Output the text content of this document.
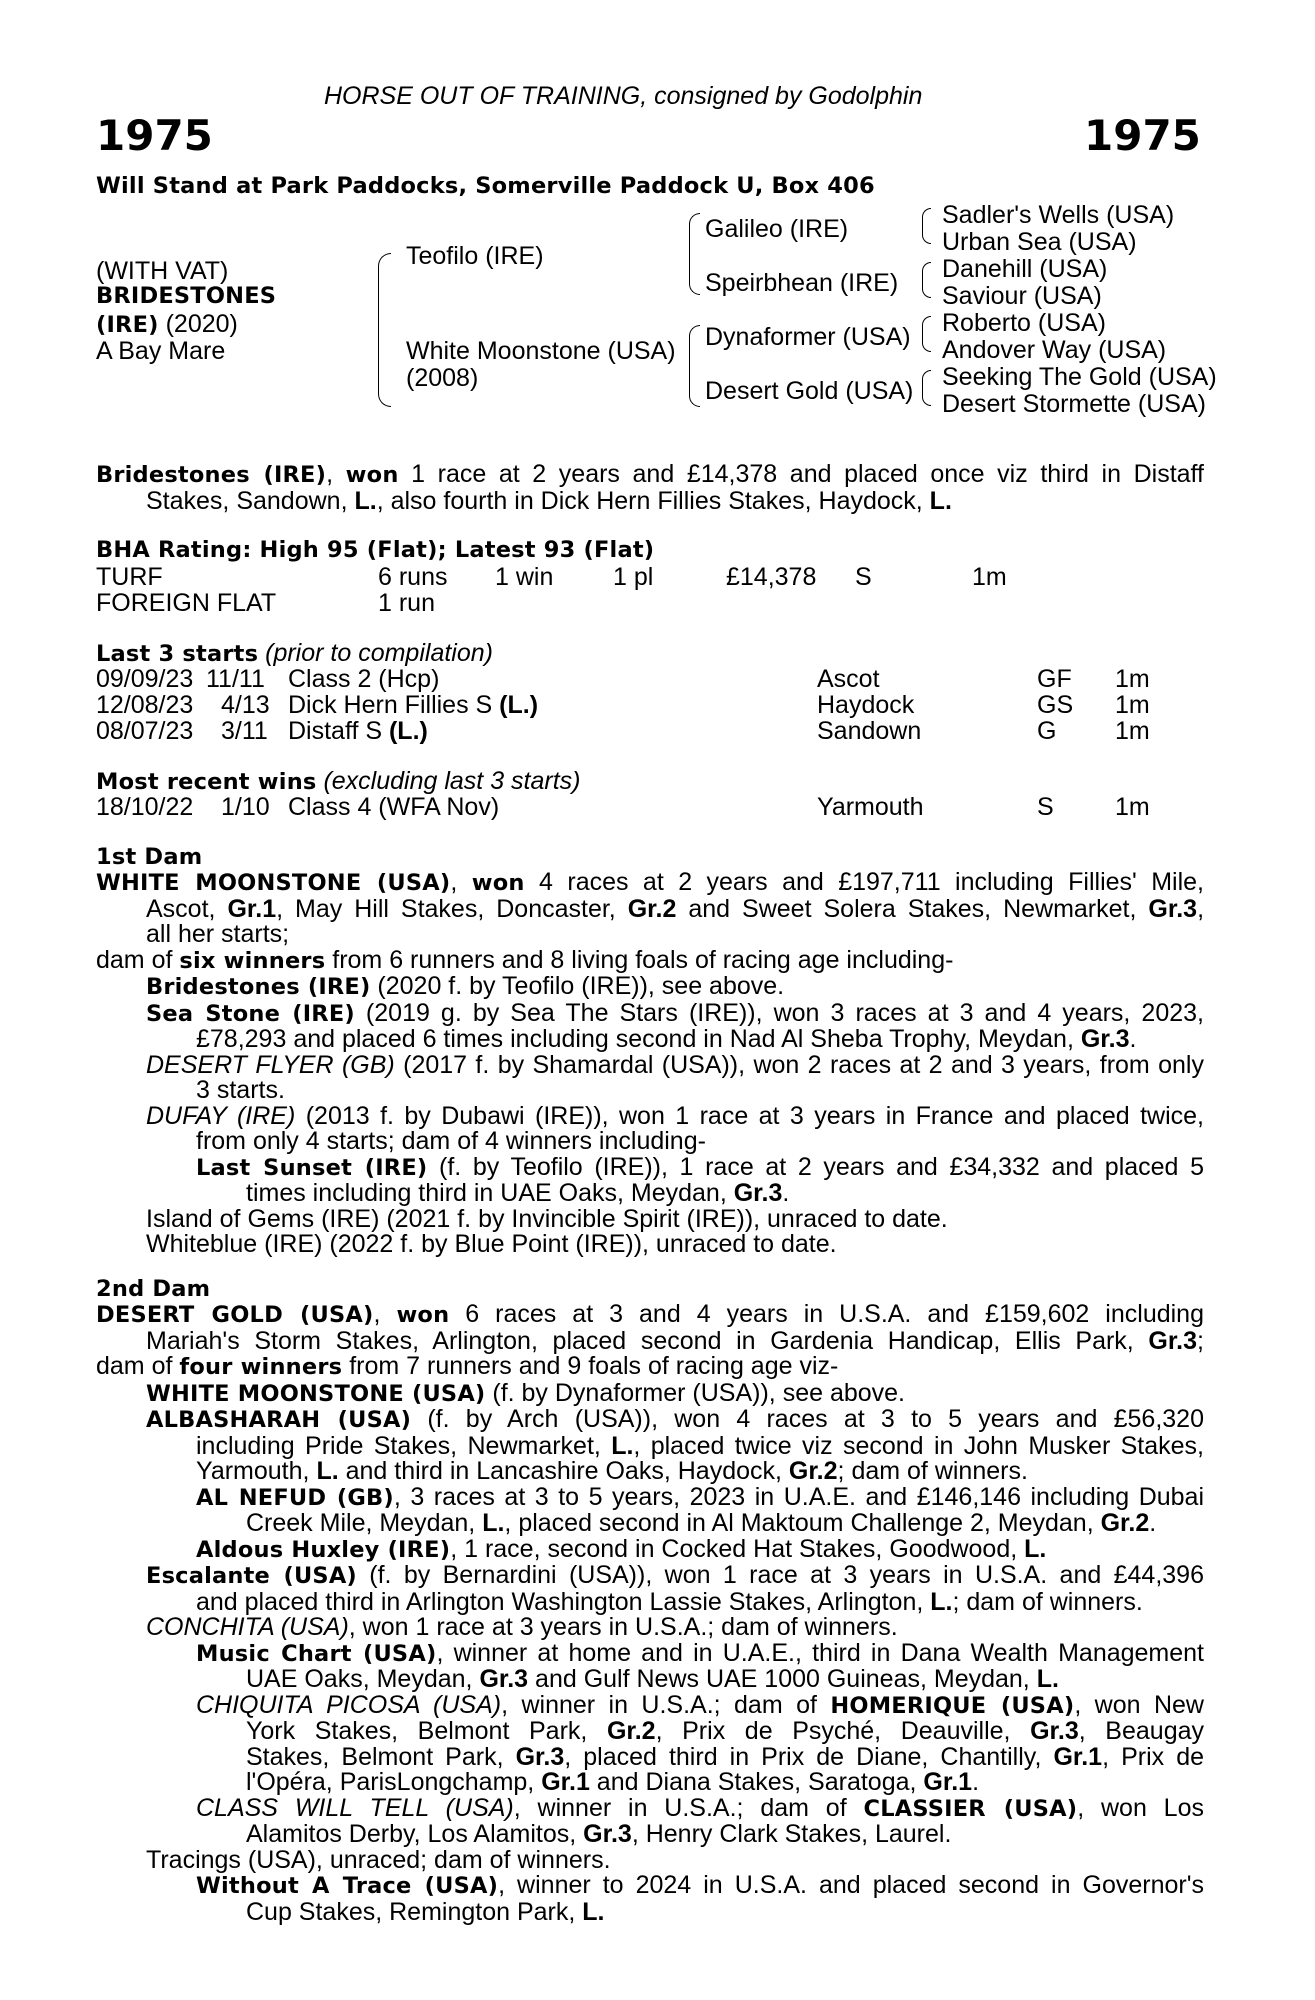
HORSE OUT OF TRAINING, consigned by Godolphin
1975	1975
Will Stand at Park Paddocks, Somerville Paddock U, Box 406
(WITH VAT)
BRIDESTONES
(IRE) (2020)
A Bay Mare
Teofilo (IRE)
White Moonstone (USA)
(2008)
Galileo (IRE)
Speirbhean (IRE)
Dynaformer (USA)
Desert Gold (USA)
Sadler's Wells (USA)
Urban Sea (USA)
Danehill (USA)
Saviour (USA)
Roberto (USA)
Andover Way (USA)
Seeking The Gold (USA)
Desert Stormette (USA)
Bridestones (IRE), won 1 race at 2 years and £14,378 and placed once viz third in Distaff
Stakes, Sandown, L., also fourth in Dick Hern Fillies Stakes, Haydock, L.
BHA Rating: High 95 (Flat); Latest 93 (Flat)
TURF	6 runs 1 win 1 pl	£14,378 S	1m
FOREIGN FLAT	1 run
Last 3 starts (prior to compilation)
09/09/23 11/11 Class 2 (Hcp)	Ascot	GF 1m
12/08/23 4/13 Dick Hern Fillies S (L.)	Haydock	GS 1m
08/07/23 3/11 Distaff S (L.)	Sandown	G 1m
Most recent wins (excluding last 3 starts)
18/10/22 1/10 Class 4 (WFA Nov)	Yarmouth	S 1m
1st Dam
WHITE MOONSTONE (USA), won 4 races at 2 years and £197,711 including Fillies' Mile,
Ascot, Gr.1, May Hill Stakes, Doncaster, Gr.2 and Sweet Solera Stakes, Newmarket, Gr.3,
all her starts;
dam of six winners from 6 runners and 8 living foals of racing age including-
Bridestones (IRE) (2020 f. by Teofilo (IRE)), see above.
Sea Stone (IRE) (2019 g. by Sea The Stars (IRE)), won 3 races at 3 and 4 years, 2023,
£78,293 and placed 6 times including second in Nad Al Sheba Trophy, Meydan, Gr.3.
DESERT FLYER (GB) (2017 f. by Shamardal (USA)), won 2 races at 2 and 3 years, from only
3 starts.
DUFAY (IRE) (2013 f. by Dubawi (IRE)), won 1 race at 3 years in France and placed twice,
from only 4 starts; dam of 4 winners including-
Last Sunset (IRE) (f. by Teofilo (IRE)), 1 race at 2 years and £34,332 and placed 5
times including third in UAE Oaks, Meydan, Gr.3.
Island of Gems (IRE) (2021 f. by Invincible Spirit (IRE)), unraced to date.
Whiteblue (IRE) (2022 f. by Blue Point (IRE)), unraced to date.
2nd Dam
DESERT GOLD (USA), won 6 races at 3 and 4 years in U.S.A. and £159,602 including
Mariah's Storm Stakes, Arlington, placed second in Gardenia Handicap, Ellis Park, Gr.3;
dam of four winners from 7 runners and 9 foals of racing age viz-
WHITE MOONSTONE (USA) (f. by Dynaformer (USA)), see above.
ALBASHARAH (USA) (f. by Arch (USA)), won 4 races at 3 to 5 years and £56,320
including Pride Stakes, Newmarket, L., placed twice viz second in John Musker Stakes,
Yarmouth, L. and third in Lancashire Oaks, Haydock, Gr.2; dam of winners.
AL NEFUD (GB), 3 races at 3 to 5 years, 2023 in U.A.E. and £146,146 including Dubai
Creek Mile, Meydan, L., placed second in Al Maktoum Challenge 2, Meydan, Gr.2.
Aldous Huxley (IRE), 1 race, second in Cocked Hat Stakes, Goodwood, L.
Escalante (USA) (f. by Bernardini (USA)), won 1 race at 3 years in U.S.A. and £44,396
and placed third in Arlington Washington Lassie Stakes, Arlington, L.; dam of winners.
CONCHITA (USA), won 1 race at 3 years in U.S.A.; dam of winners.
Music Chart (USA), winner at home and in U.A.E., third in Dana Wealth Management
UAE Oaks, Meydan, Gr.3 and Gulf News UAE 1000 Guineas, Meydan, L.
CHIQUITA PICOSA (USA), winner in U.S.A.; dam of HOMERIQUE (USA), won New
York Stakes, Belmont Park, Gr.2, Prix de Psyché, Deauville, Gr.3, Beaugay
Stakes, Belmont Park, Gr.3, placed third in Prix de Diane, Chantilly, Gr.1, Prix de
l'Opéra, ParisLongchamp, Gr.1 and Diana Stakes, Saratoga, Gr.1.
CLASS WILL TELL (USA), winner in U.S.A.; dam of CLASSIER (USA), won Los
Alamitos Derby, Los Alamitos, Gr.3, Henry Clark Stakes, Laurel.
Tracings (USA), unraced; dam of winners.
Without A Trace (USA), winner to 2024 in U.S.A. and placed second in Governor's
Cup Stakes, Remington Park, L.
